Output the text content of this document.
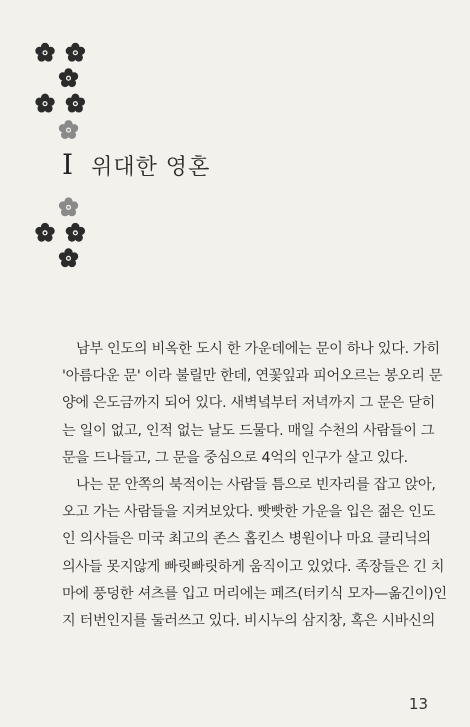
I 위대한 영혼
남부 인도의 비옥한 도시 한 가운데에는 문이 하나 있다. 가히
'아름다운 문' 이라 불릴만 한데, 연꽃잎과 피어오르는 봉오리 문
양에 은도금까지 되어 있다. 새벽녘부터 저녁까지 그 문은 닫히
는 일이 없고, 인적 없는 날도 드물다. 매일 수천의 사람들이 그
문을 드나들고, 그 문을 중심으로 4억의 인구가 살고 있다.
나는 문 안쪽의 북적이는 사람들 틈으로 빈자리를 잡고 앉아,
오고 가는 사람들을 지켜보았다. 빳빳한 가운을 입은 젊은 인도
인 의사들은 미국 최고의 존스 홉킨스 병원이나 마요 클리닉의
의사들 못지않게 빠릿빠릿하게 움직이고 있었다. 족장들은 긴 치
마에 풍덩한 셔츠를 입고 머리에는 페즈(터키식 모자—옮긴이)인
지 터번인지를 둘러쓰고 있다. 비시누의 삼지창, 혹은 시바신의
13
